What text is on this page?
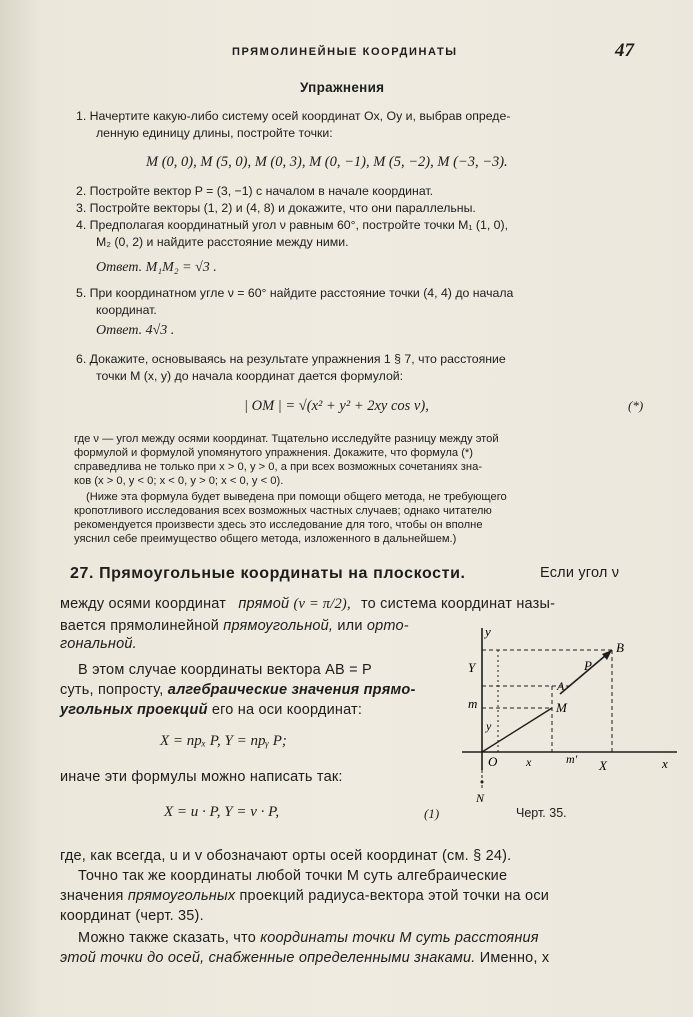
ПРЯМОЛИНЕЙНЫЕ КООРДИНАТЫ	47
Упражнения
1. Начертите какую-либо систему осей координат Ox, Oy и, выбрав опреде-
ленную единицу длины, постройте точки:
M (0, 0), M (5, 0), M (0, 3), M (0, −1), M (5, −2), M (−3, −3).
2. Постройте вектор P = (3, −1) с началом в начале координат.
3. Постройте векторы (1, 2) и (4, 8) и докажите, что они параллельны.
4. Предполагая координатный угол ν равным 60°, постройте точки M₁ (1, 0),
M₂ (0, 2) и найдите расстояние между ними.
Ответ. M₁M₂ = √3 .
5. При координатном угле ν = 60° найдите расстояние точки (4, 4) до начала
координат.
Ответ. 4√3 .
6. Докажите, основываясь на результате упражнения 1 § 7, что расстояние
точки M (x, y) до начала координат дается формулой:
| OM | = √(x² + y² + 2xy cos ν),	(*)
где ν — угол между осями координат. Тщательно исследуйте разницу между этой
формулой и формулой упомянутого упражнения. Докажите, что формула (*)
справедлива не только при x > 0, y > 0, а при всех возможных сочетаниях зна-
ков (x > 0, y < 0; x < 0, y > 0; x < 0, y < 0).
(Ниже эта формула будет выведена при помощи общего метода, не требующего
кропотливого исследования всех возможных частных случаев; однако читателю
рекомендуется произвести здесь это исследование для того, чтобы он вполне
уяснил себе преимущество общего метода, изложенного в дальнейшем.)
27. Прямоугольные координаты на плоскости.	Если угол ν
между осями координат прямой (ν = π/2), то система координат назы-
вается прямолинейной прямоугольной, или орто-
гональной.
В этом случае координаты вектора AB = P
суть, попросту, алгебраические значения прямо-
угольных проекций его на оси координат:
X = npₓ P, Y = npᵧ P;
иначе эти формулы можно написать так:
X = u · P, Y = v · P,	(1)	Черт. 35.
y
Y
m
P
B
A
M
y
O x	m' X	x
N
где, как всегда, u и v обозначают орты осей координат (см. § 24).
Точно так же координаты любой точки M суть алгебраические
значения прямоугольных проекций радиуса-вектора этой точки на оси
координат (черт. 35).
Можно также сказать, что координаты точки M суть расстояния
этой точки до осей, снабженные определенными знаками. Именно, x
